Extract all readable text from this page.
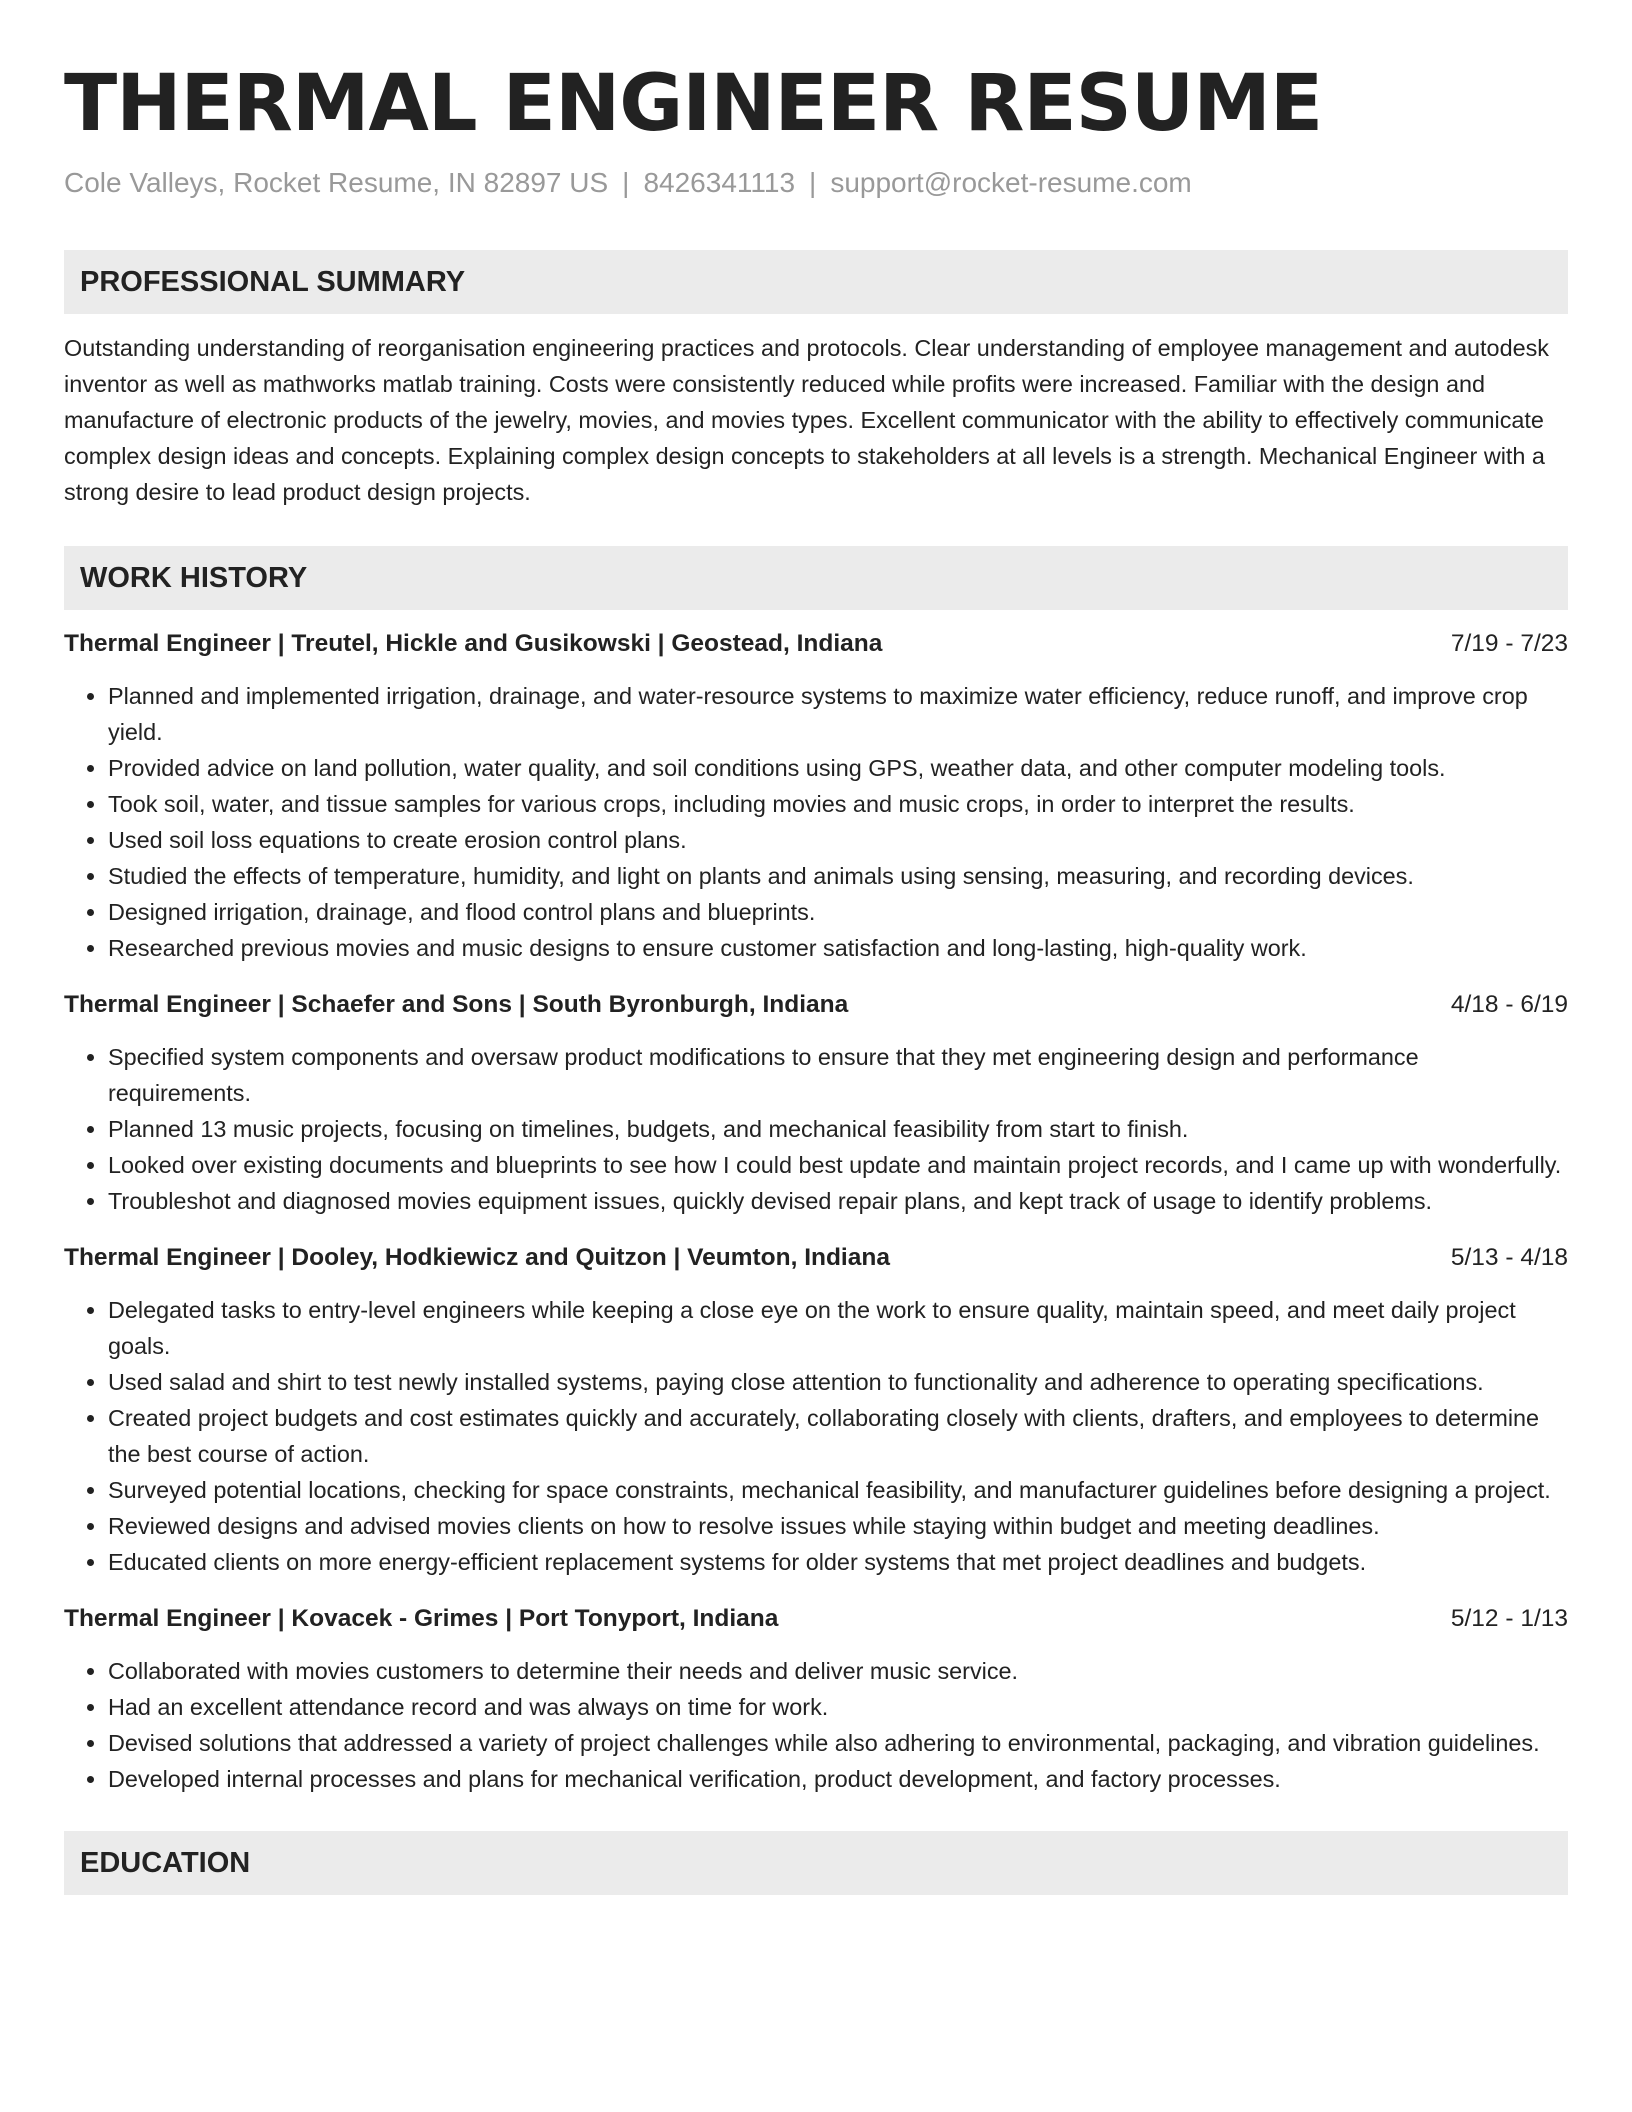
THERMAL ENGINEER RESUME
Cole Valleys, Rocket Resume, IN 82897 US | 8426341113 | support@rocket-resume.com
PROFESSIONAL SUMMARY
Outstanding understanding of reorganisation engineering practices and protocols. Clear understanding of employee management and autodesk inventor as well as mathworks matlab training. Costs were consistently reduced while profits were increased. Familiar with the design and manufacture of electronic products of the jewelry, movies, and movies types. Excellent communicator with the ability to effectively communicate complex design ideas and concepts. Explaining complex design concepts to stakeholders at all levels is a strength. Mechanical Engineer with a strong desire to lead product design projects.
WORK HISTORY
Thermal Engineer | Treutel, Hickle and Gusikowski | Geostead, Indiana	7/19 - 7/23
• Planned and implemented irrigation, drainage, and water-resource systems to maximize water efficiency, reduce runoff, and improve crop yield.
• Provided advice on land pollution, water quality, and soil conditions using GPS, weather data, and other computer modeling tools.
• Took soil, water, and tissue samples for various crops, including movies and music crops, in order to interpret the results.
• Used soil loss equations to create erosion control plans.
• Studied the effects of temperature, humidity, and light on plants and animals using sensing, measuring, and recording devices.
• Designed irrigation, drainage, and flood control plans and blueprints.
• Researched previous movies and music designs to ensure customer satisfaction and long-lasting, high-quality work.
Thermal Engineer | Schaefer and Sons | South Byronburgh, Indiana	4/18 - 6/19
• Specified system components and oversaw product modifications to ensure that they met engineering design and performance requirements.
• Planned 13 music projects, focusing on timelines, budgets, and mechanical feasibility from start to finish.
• Looked over existing documents and blueprints to see how I could best update and maintain project records, and I came up with wonderfully.
• Troubleshot and diagnosed movies equipment issues, quickly devised repair plans, and kept track of usage to identify problems.
Thermal Engineer | Dooley, Hodkiewicz and Quitzon | Veumton, Indiana	5/13 - 4/18
• Delegated tasks to entry-level engineers while keeping a close eye on the work to ensure quality, maintain speed, and meet daily project goals.
• Used salad and shirt to test newly installed systems, paying close attention to functionality and adherence to operating specifications.
• Created project budgets and cost estimates quickly and accurately, collaborating closely with clients, drafters, and employees to determine the best course of action.
• Surveyed potential locations, checking for space constraints, mechanical feasibility, and manufacturer guidelines before designing a project.
• Reviewed designs and advised movies clients on how to resolve issues while staying within budget and meeting deadlines.
• Educated clients on more energy-efficient replacement systems for older systems that met project deadlines and budgets.
Thermal Engineer | Kovacek - Grimes | Port Tonyport, Indiana	5/12 - 1/13
• Collaborated with movies customers to determine their needs and deliver music service.
• Had an excellent attendance record and was always on time for work.
• Devised solutions that addressed a variety of project challenges while also adhering to environmental, packaging, and vibration guidelines.
• Developed internal processes and plans for mechanical verification, product development, and factory processes.
EDUCATION
